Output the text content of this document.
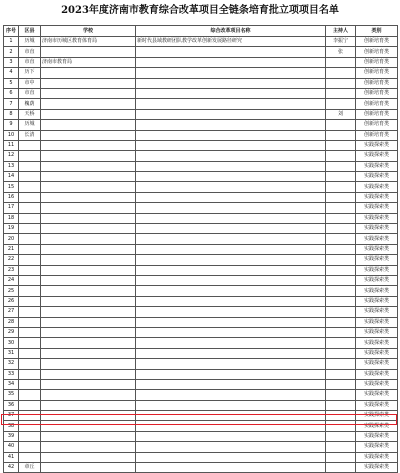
2023年度济南市教育综合改革项目全链条培育批立项项目名单
序号	区县	学校	综合改革项目名称	主持人	类别
1	历城	济南市历城区教育体育局	新时代县域教研团队教学改革创新发展路径研究	李振宁	创新培育类
2	市直			张	创新培育类
3	市直	济南市教育局			创新培育类
4	历下				创新培育类
5	市中				创新培育类
6	市直				创新培育类
7	槐荫				创新培育类
8	天桥			刘	创新培育类
9	历城				创新培育类
10	长清				创新培育类
11					实践探索类
12					实践探索类
13					实践探索类
14					实践探索类
15					实践探索类
16					实践探索类
17					实践探索类
18					实践探索类
19					实践探索类
20					实践探索类
21					实践探索类
22					实践探索类
23					实践探索类
24					实践探索类
25					实践探索类
26					实践探索类
27					实践探索类
28					实践探索类
29					实践探索类
30					实践探索类
31					实践探索类
32					实践探索类
33					实践探索类
34					实践探索类
35					实践探索类
36					实践探索类
37					实践探索类
38					实践探索类
39					实践探索类
40					实践探索类
41					实践探索类
42	章丘				实践探索类
